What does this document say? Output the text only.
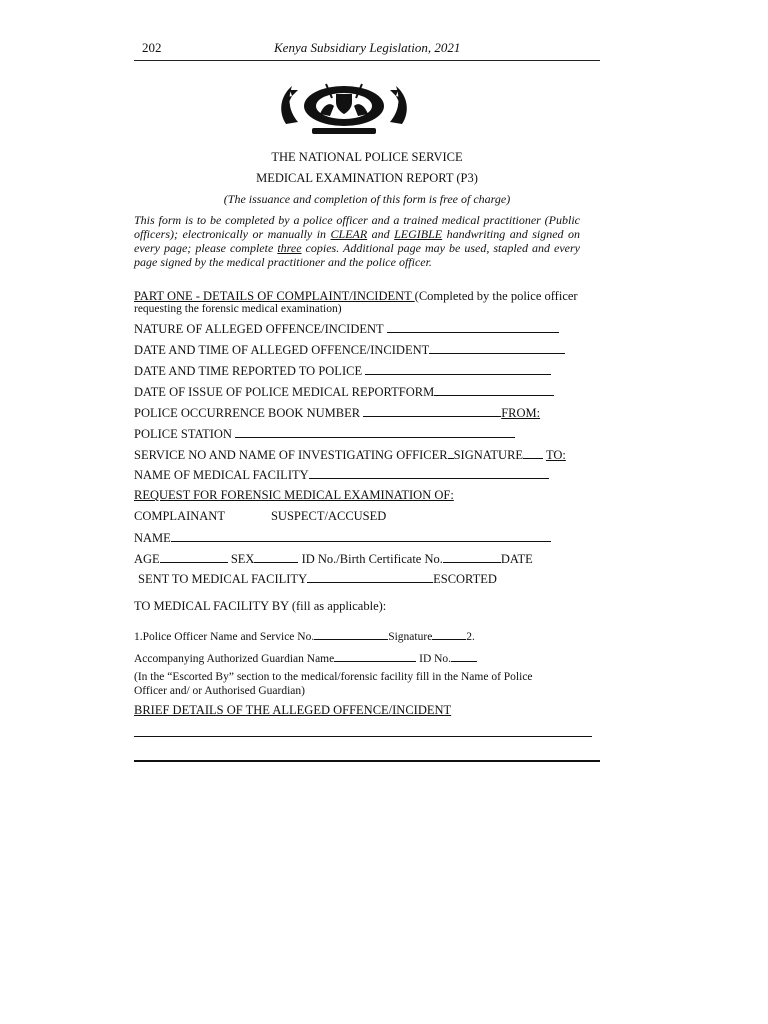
202	Kenya Subsidiary Legislation, 2021
THE NATIONAL POLICE SERVICE
MEDICAL EXAMINATION REPORT (P3)
(The issuance and completion of this form is free of charge)
This form is to be completed by a police officer and a trained medical practitioner (Public officers); electronically or manually in CLEAR and LEGIBLE handwriting and signed on every page; please complete three copies. Additional page may be used, stapled and every page signed by the medical practitioner and the police officer.
PART ONE - DETAILS OF COMPLAINT/INCIDENT (Completed by the police officer
requesting the forensic medical examination)
NATURE OF ALLEGED OFFENCE/INCIDENT
DATE AND TIME OF ALLEGED OFFENCE/INCIDENT
DATE AND TIME REPORTED TO POLICE
DATE OF ISSUE OF POLICE MEDICAL REPORTFORM
POLICE OCCURRENCE BOOK NUMBER	FROM:
POLICE STATION
SERVICE NO AND NAME OF INVESTIGATING OFFICER SIGNATURE TO:
NAME OF MEDICAL FACILITY
REQUEST FOR FORENSIC MEDICAL EXAMINATION OF:
COMPLAINANT	SUSPECT/ACCUSED
NAME
AGE	SEX	ID No./Birth Certificate No.	DATE
SENT TO MEDICAL FACILITY	ESCORTED
TO MEDICAL FACILITY BY (fill as applicable):
1.Police Officer Name and Service No.	Signature	2.
Accompanying Authorized Guardian Name	ID No.
(In the “Escorted By” section to the medical/forensic facility fill in the Name of Police
Officer and/ or Authorised Guardian)
BRIEF DETAILS OF THE ALLEGED OFFENCE/INCIDENT
